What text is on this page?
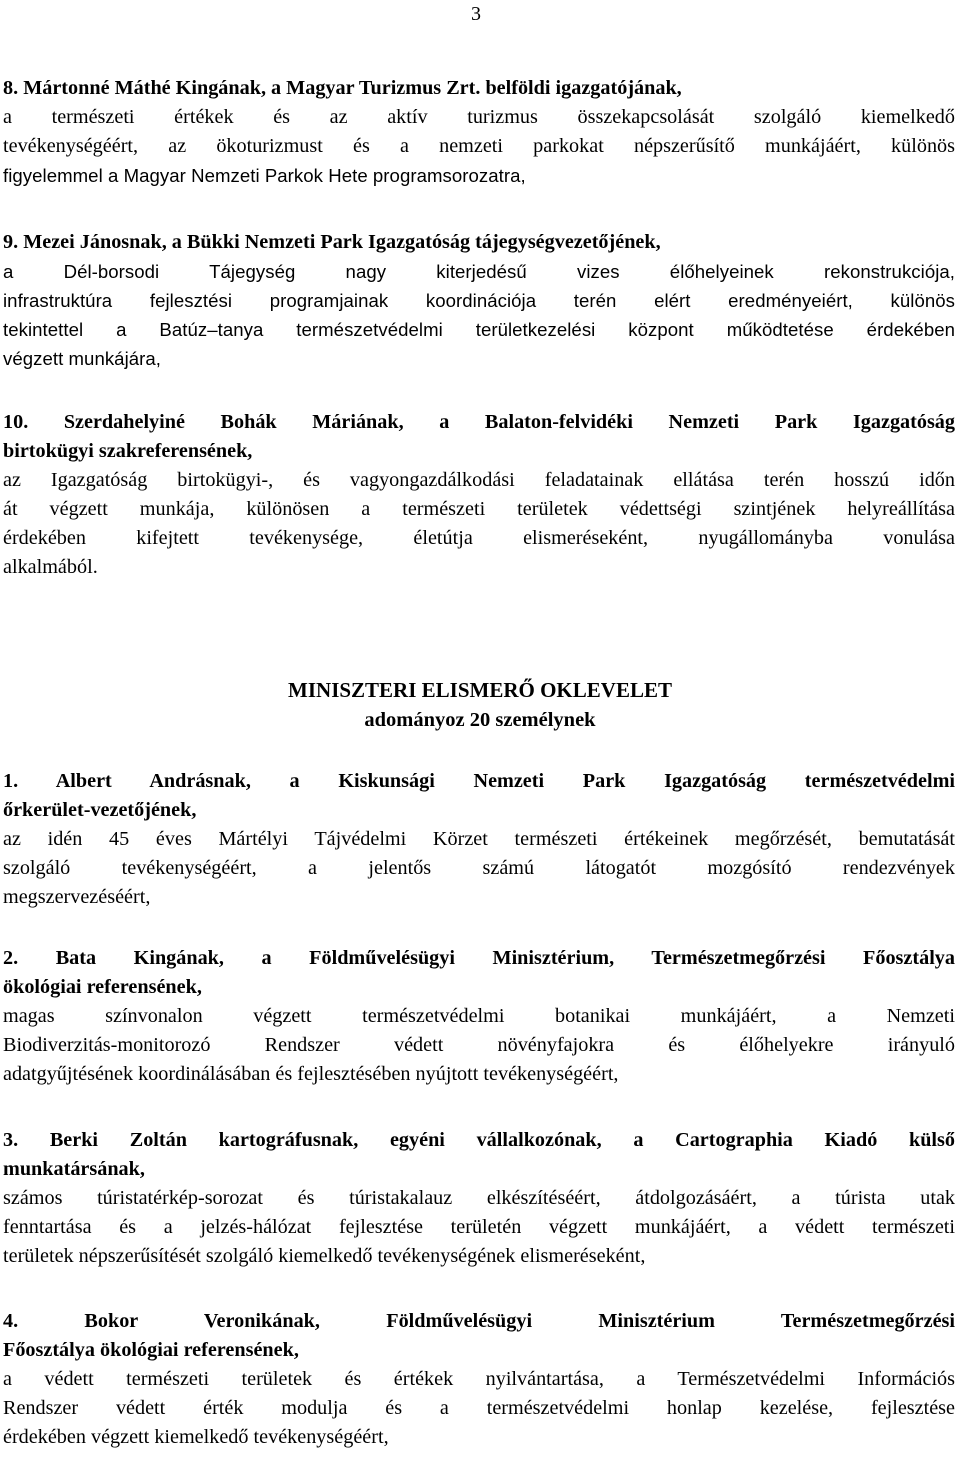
3
8. Mártonné Máthé Kingának, a Magyar Turizmus Zrt. belföldi igazgatójának,
a természeti értékek és az aktív turizmus összekapcsolását szolgáló kiemelkedő
tevékenységéért, az ökoturizmust és a nemzeti parkokat népszerűsítő munkájáért, különös
figyelemmel a Magyar Nemzeti Parkok Hete programsorozatra,
9. Mezei Jánosnak, a Bükki Nemzeti Park Igazgatóság tájegységvezetőjének,
a Dél-borsodi Tájegység nagy kiterjedésű vizes élőhelyeinek rekonstrukciója,
infrastruktúra fejlesztési programjainak koordinációja terén elért eredményeiért, különös
tekintettel a Batúz–tanya természetvédelmi területkezelési központ működtetése érdekében
végzett munkájára,
10. Szerdahelyiné Bohák Máriának, a Balaton-felvidéki Nemzeti Park Igazgatóság
birtokügyi szakreferensének,
az Igazgatóság birtokügyi-, és vagyongazdálkodási feladatainak ellátása terén hosszú időn
át végzett munkája, különösen a természeti területek védettségi szintjének helyreállítása
érdekében kifejtett tevékenysége, életútja elismeréseként, nyugállományba vonulása
alkalmából.
MINISZTERI ELISMERŐ OKLEVELET
adományoz 20 személynek
1. Albert Andrásnak, a Kiskunsági Nemzeti Park Igazgatóság természetvédelmi
őrkerület-vezetőjének,
az idén 45 éves Mártélyi Tájvédelmi Körzet természeti értékeinek megőrzését, bemutatását
szolgáló tevékenységéért, a jelentős számú látogatót mozgósító rendezvények
megszervezéséért,
2. Bata Kingának, a Földművelésügyi Minisztérium, Természetmegőrzési Főosztálya
ökológiai referensének,
magas színvonalon végzett természetvédelmi botanikai munkájáért, a Nemzeti
Biodiverzitás-monitorozó Rendszer védett növényfajokra és élőhelyekre irányuló
adatgyűjtésének koordinálásában és fejlesztésében nyújtott tevékenységéért,
3. Berki Zoltán kartográfusnak, egyéni vállalkozónak, a Cartographia Kiadó külső
munkatársának,
számos túristatérkép-sorozat és túristakalauz elkészítéséért, átdolgozásáért, a túrista utak
fenntartása és a jelzés-hálózat fejlesztése területén végzett munkájáért, a védett természeti
területek népszerűsítését szolgáló kiemelkedő tevékenységének elismeréseként,
4. Bokor Veronikának, Földművelésügyi Minisztérium Természetmegőrzési
Főosztálya ökológiai referensének,
a védett természeti területek és értékek nyilvántartása, a Természetvédelmi Információs
Rendszer védett érték modulja és a természetvédelmi honlap kezelése, fejlesztése
érdekében végzett kiemelkedő tevékenységéért,
